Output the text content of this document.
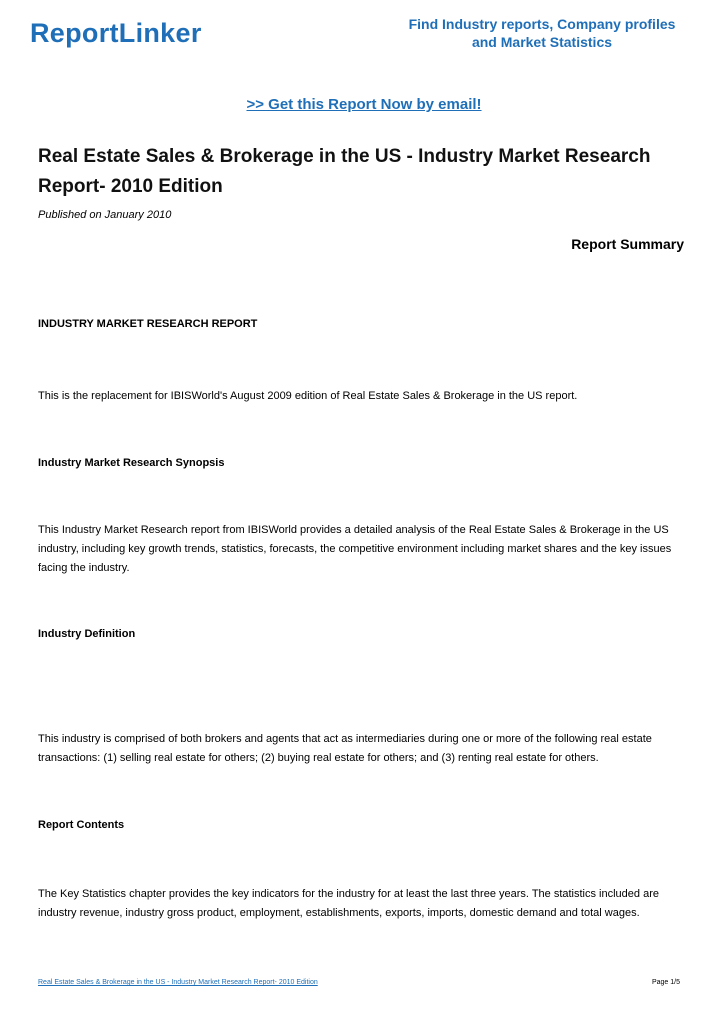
ReportLinker	Find Industry reports, Company profiles
and Market Statistics
>> Get this Report Now by email!
Real Estate Sales & Brokerage in the US - Industry Market Research
Report- 2010 Edition
Published on January 2010
Report Summary
INDUSTRY MARKET RESEARCH REPORT
This is the replacement for IBISWorld's August 2009 edition of Real Estate Sales & Brokerage in the US report.
Industry Market Research Synopsis
This Industry Market Research report from IBISWorld provides a detailed analysis of the Real Estate Sales & Brokerage in the US
industry, including key growth trends, statistics, forecasts, the competitive environment including market shares and the key issues
facing the industry.
Industry Definition
This industry is comprised of both brokers and agents that act as intermediaries during one or more of the following real estate
transactions: (1) selling real estate for others; (2) buying real estate for others; and (3) renting real estate for others.
Report Contents
The Key Statistics chapter provides the key indicators for the industry for at least the last three years. The statistics included are
industry revenue, industry gross product, employment, establishments, exports, imports, domestic demand and total wages.
Real Estate Sales & Brokerage in the US - Industry Market Research Report- 2010 Edition	Page 1/5
